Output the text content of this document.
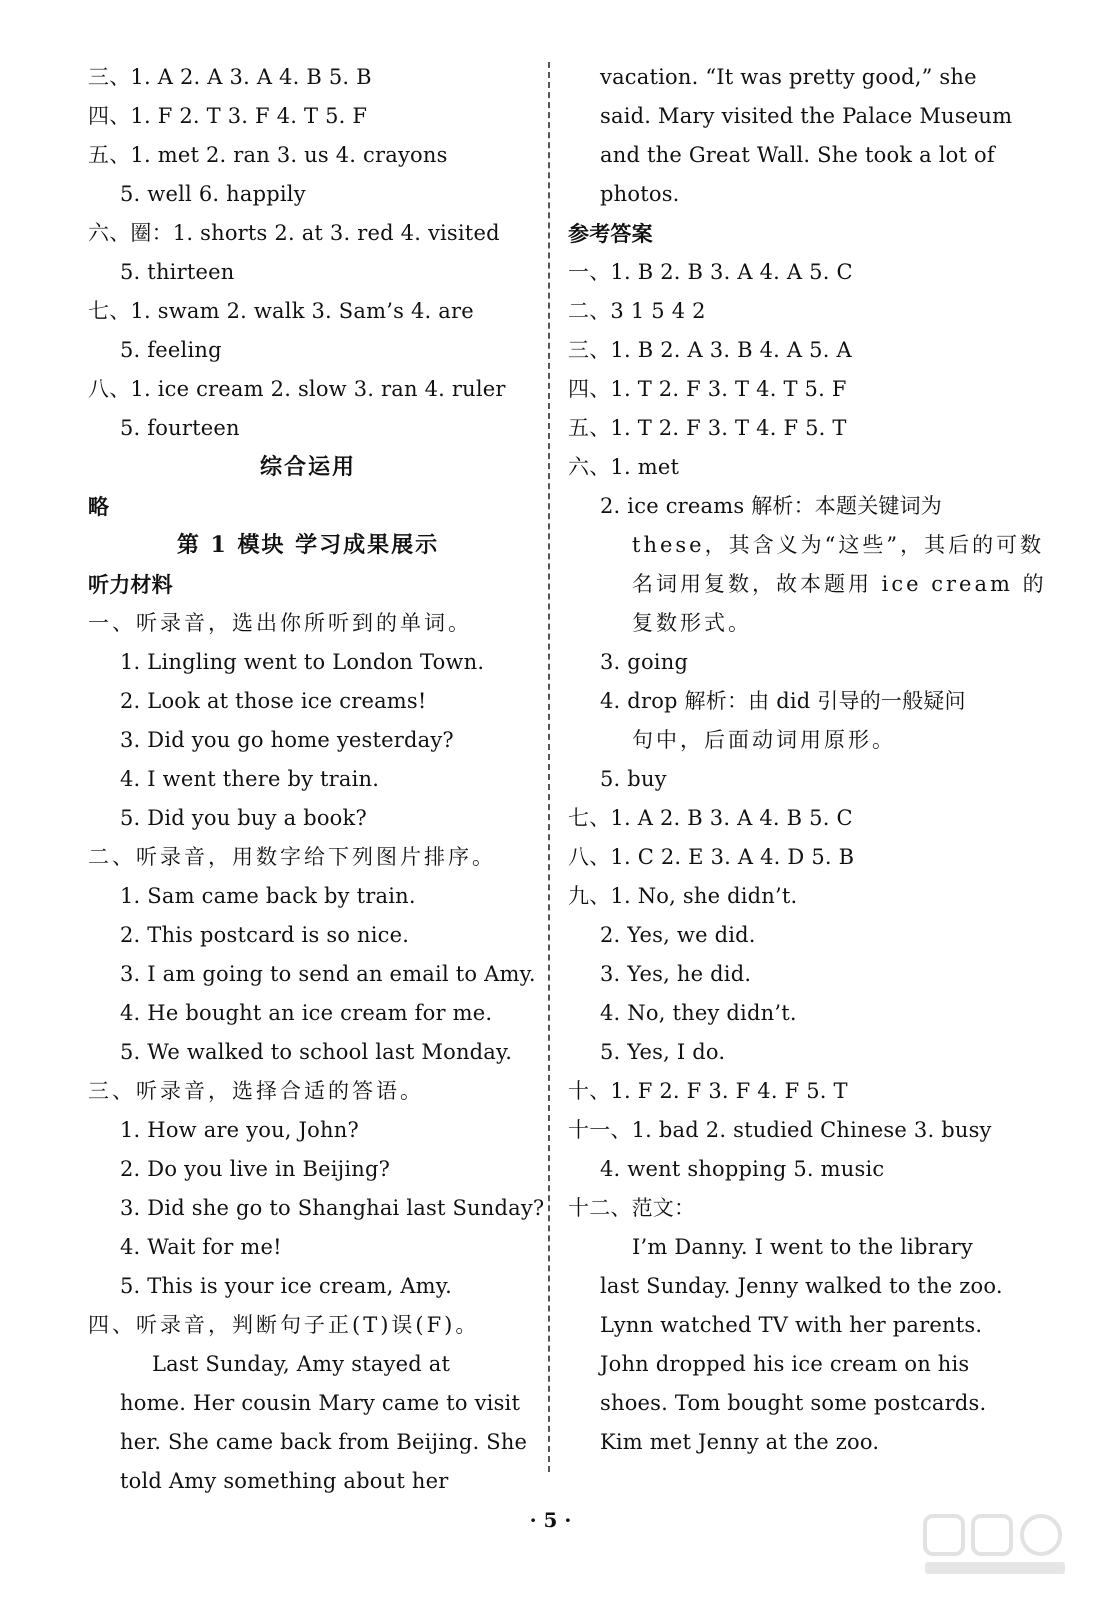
三、1. A 2. A 3. A 4. B 5. B
四、1. F 2. T 3. F 4. T 5. F
五、1. met 2. ran 3. us 4. crayons
5. well 6. happily
六、圈：1. shorts 2. at 3. red 4. visited
5. thirteen
七、1. swam 2. walk 3. Sam’s 4. are
5. feeling
八、1. ice cream 2. slow 3. ran 4. ruler
5. fourteen
综合运用
略
第 1 模块 学习成果展示
听力材料
一、听录音，选出你所听到的单词。
1. Lingling went to London Town.
2. Look at those ice creams!
3. Did you go home yesterday?
4. I went there by train.
5. Did you buy a book?
二、听录音，用数字给下列图片排序。
1. Sam came back by train.
2. This postcard is so nice.
3. I am going to send an email to Amy.
4. He bought an ice cream for me.
5. We walked to school last Monday.
三、听录音，选择合适的答语。
1. How are you, John?
2. Do you live in Beijing?
3. Did she go to Shanghai last Sunday?
4. Wait for me!
5. This is your ice cream, Amy.
四、听录音，判断句子正(T)误(F)。
Last Sunday, Amy stayed at
home. Her cousin Mary came to visit
her. She came back from Beijing. She
told Amy something about her
vacation. “It was pretty good,” she
said. Mary visited the Palace Museum
and the Great Wall. She took a lot of
photos.
参考答案
一、1. B 2. B 3. A 4. A 5. C
二、3 1 5 4 2
三、1. B 2. A 3. B 4. A 5. A
四、1. T 2. F 3. T 4. T 5. F
五、1. T 2. F 3. T 4. F 5. T
六、1. met
2. ice creams 解析：本题关键词为
these，其含义为“这些”，其后的可数
名词用复数，故本题用 ice cream 的
复数形式。
3. going
4. drop 解析：由 did 引导的一般疑问
句中，后面动词用原形。
5. buy
七、1. A 2. B 3. A 4. B 5. C
八、1. C 2. E 3. A 4. D 5. B
九、1. No, she didn’t.
2. Yes, we did.
3. Yes, he did.
4. No, they didn’t.
5. Yes, I do.
十、1. F 2. F 3. F 4. F 5. T
十一、1. bad 2. studied Chinese 3. busy
4. went shopping 5. music
十二、范文：
I’m Danny. I went to the library
last Sunday. Jenny walked to the zoo.
Lynn watched TV with her parents.
John dropped his ice cream on his
shoes. Tom bought some postcards.
Kim met Jenny at the zoo.
· 5 ·
